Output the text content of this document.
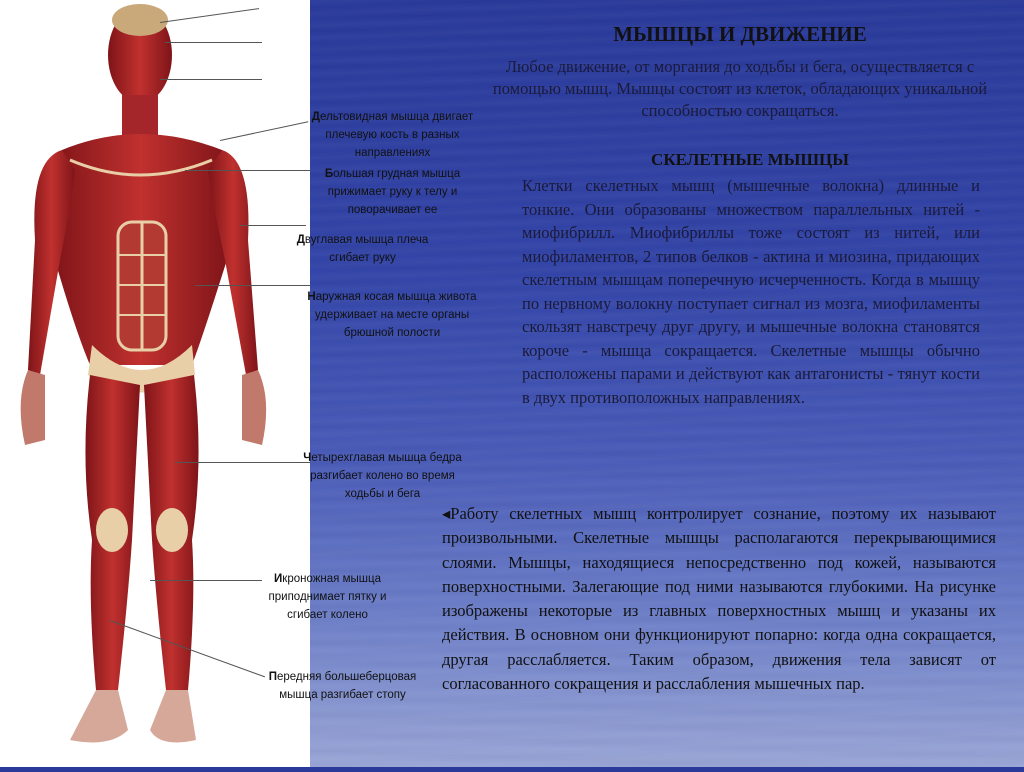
Дельтовидная мышца двигает плечевую кость в разных направлениях
Большая грудная мышца прижимает руку к телу и поворачивает ее
Двуглавая мышца плеча сгибает руку
Наружная косая мышца живота удерживает на месте органы брюшной полости
Четырехглавая мышца бедра разгибает колено во время ходьбы и бега
Икроножная мышца приподнимает пятку и сгибает колено
Передняя большеберцовая мышца разгибает стопу
МЫШЦЫ И ДВИЖЕНИЕ
Любое движение, от моргания до ходьбы и бега, осуществляется с помощью мышц. Мышцы состоят из клеток, обладающих уникальной способностью сокращаться.
СКЕЛЕТНЫЕ МЫШЦЫ
Клетки скелетных мышц (мышечные волокна) длинные и тонкие. Они образованы множеством параллельных нитей - миофибрилл. Миофибриллы тоже состоят из нитей, или миофиламентов, 2 типов белков - актина и миозина, придающих скелетным мышцам поперечную исчерченность. Когда в мышцу по нервному волокну поступает сигнал из мозга, миофиламенты скользят навстречу друг другу, и мышечные волокна становятся короче - мышца сокращается. Скелетные мышцы обычно расположены парами и действуют как антагонисты - тянут кости в двух противоположных направлениях.
◂Работу скелетных мышц контролирует сознание, поэтому их называют произвольными. Скелетные мышцы располагаются перекрывающимися слоями. Мышцы, находящиеся непосредственно под кожей, называются поверхностными. Залегающие под ними называются глубокими. На рисунке изображены некоторые из главных поверхностных мышц и указаны их действия. В основном они функционируют попарно: когда одна сокращается, другая расслабляется. Таким образом, движения тела зависят от согласованного сокращения и расслабления мышечных пар.
